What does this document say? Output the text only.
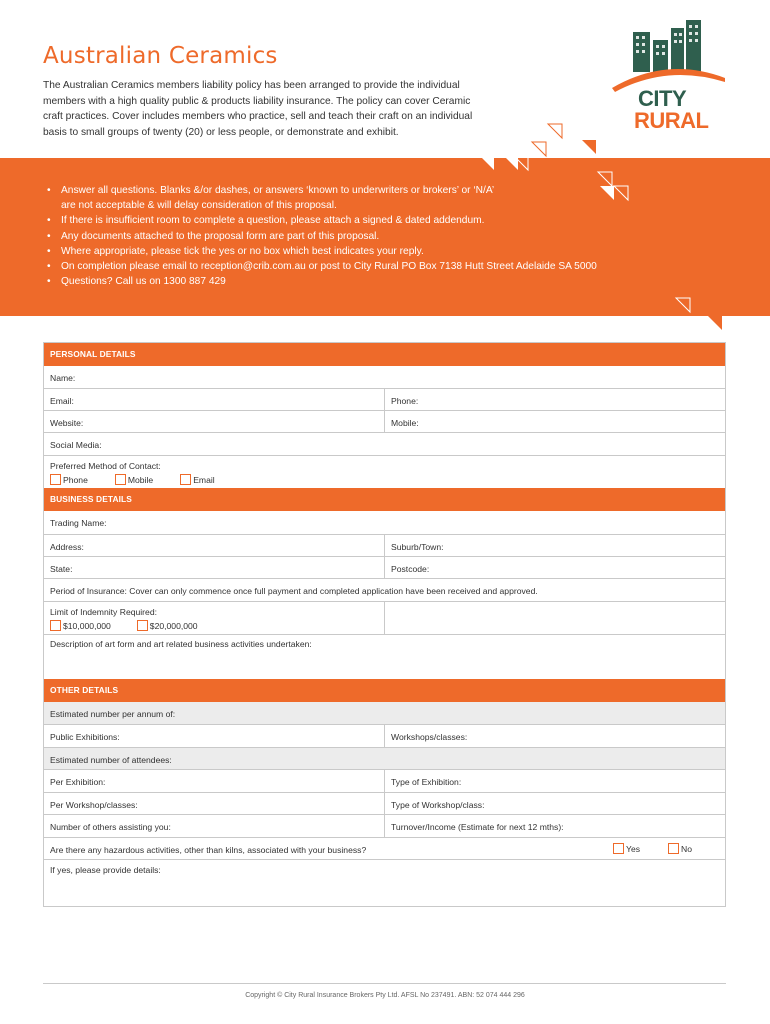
Australian Ceramics
The Australian Ceramics members liability policy has been arranged to provide the individual
members with a high quality public & products liability insurance. The policy can cover Ceramic
craft practices. Cover includes members who practice, sell and teach their craft on an individual
basis to small groups of twenty (20) or less people, or demonstrate and exhibit.
CITY
RURAL
• Answer all questions. Blanks &/or dashes, or answers ‘known to underwriters or brokers’ or ‘N/A’
are not acceptable & will delay consideration of this proposal.
• If there is insufficient room to complete a question, please attach a signed & dated addendum.
• Any documents attached to the proposal form are part of this proposal.
• Where appropriate, please tick the yes or no box which best indicates your reply.
• On completion please email to reception@crib.com.au or post to City Rural PO Box 7138 Hutt Street Adelaide SA 5000
• Questions? Call us on 1300 887 429
PERSONAL DETAILS
Name:
Email:	Phone:
Website:	Mobile:
Social Media:
Preferred Method of Contact:
Phone	Mobile	Email
BUSINESS DETAILS
Trading Name:
Address:	Suburb/Town:
State:	Postcode:
Period of Insurance: Cover can only commence once full payment and completed application have been received and approved.
Limit of Indemnity Required:
$10,000,000	$20,000,000
Description of art form and art related business activities undertaken:
OTHER DETAILS
Estimated number per annum of:
Public Exhibitions:	Workshops/classes:
Estimated number of attendees:
Per Exhibition:	Type of Exhibition:
Per Workshop/classes:	Type of Workshop/class:
Number of others assisting you:	Turnover/Income (Estimate for next 12 mths):
Are there any hazardous activities, other than kilns, associated with your business?	Yes	No
If yes, please provide details:
Copyright © City Rural Insurance Brokers Pty Ltd. AFSL No 237491. ABN: 52 074 444 296
